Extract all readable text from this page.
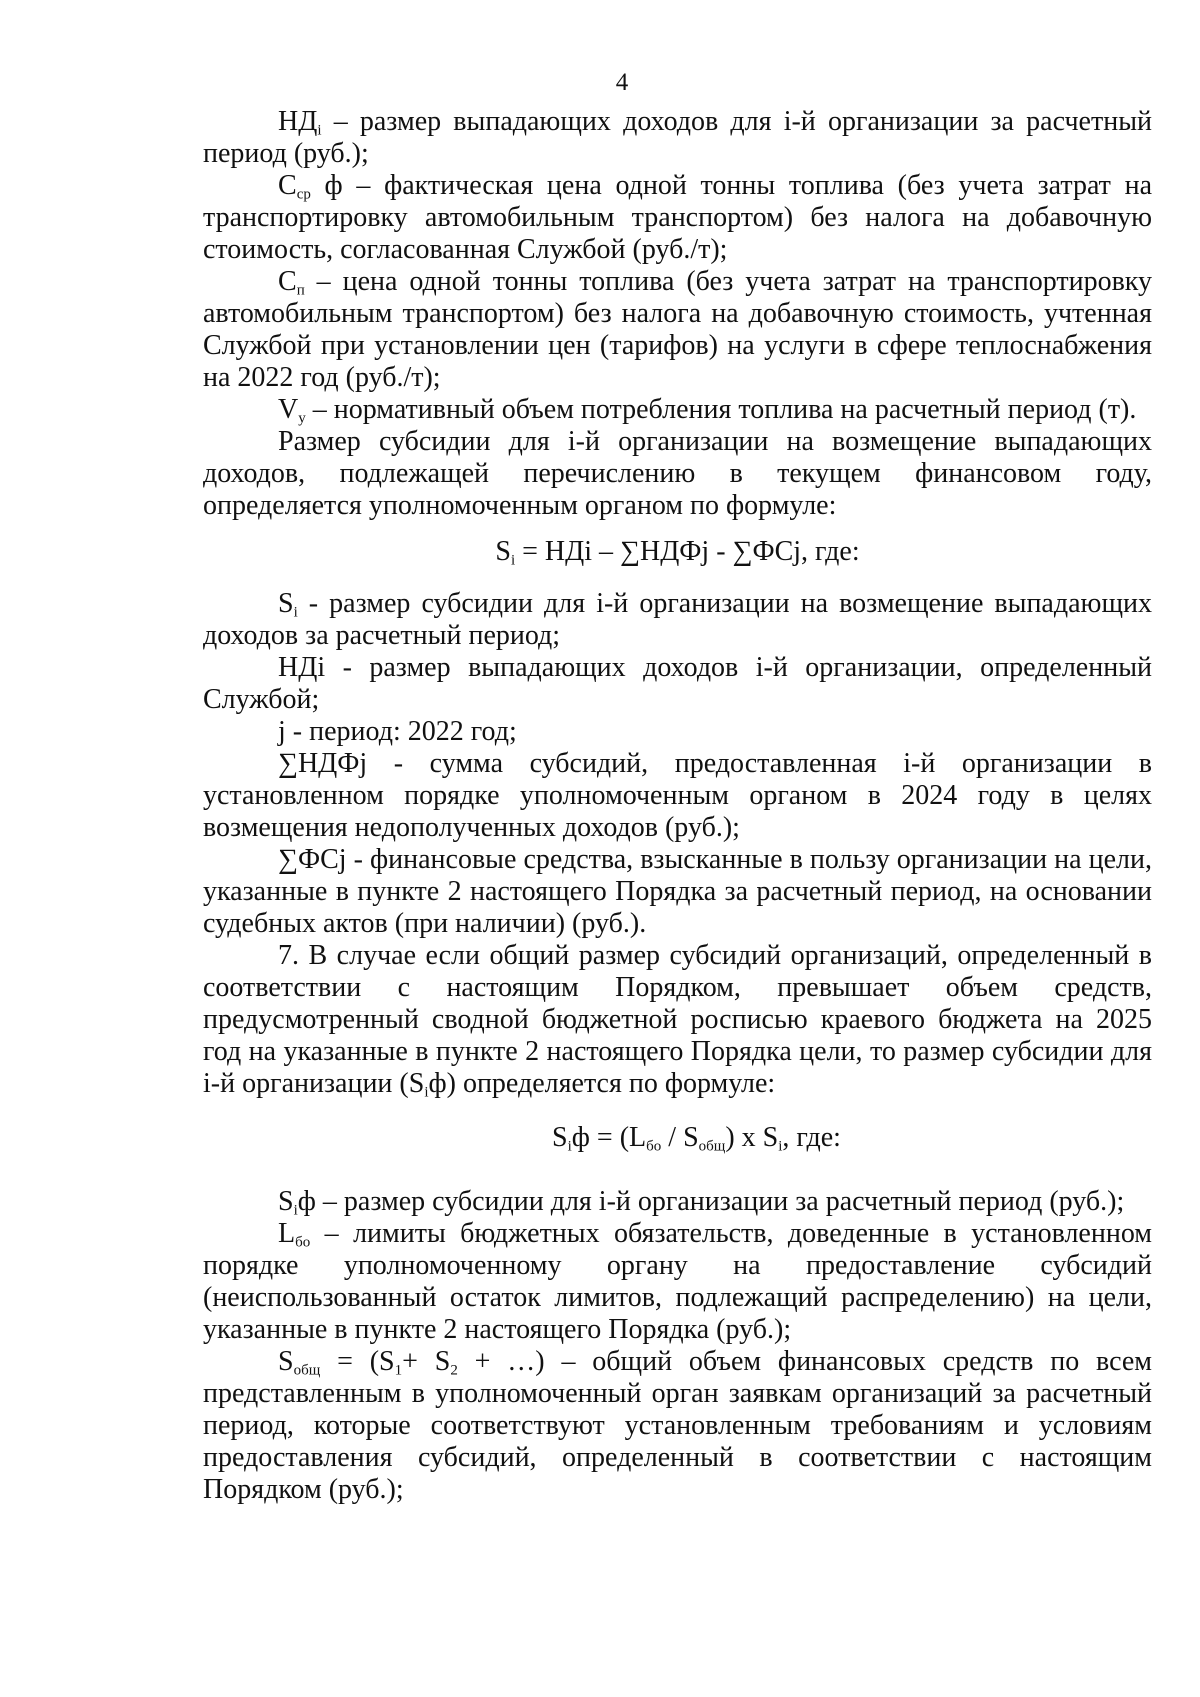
4

$НД_i$ – размер выпадающих доходов для i-й организации за расчетный период (руб.);

$С_{ср}$ ф – фактическая цена одной тонны топлива (без учета затрат на транспортировку автомобильным транспортом) без налога на добавочную стоимость, согласованная Службой (руб./т);

$С_п$ – цена одной тонны топлива (без учета затрат на транспортировку автомобильным транспортом) без налога на добавочную стоимость, учтенная Службой при установлении цен (тарифов) на услуги в сфере теплоснабжения на 2022 год (руб./т);

$V_у$ – нормативный объем потребления топлива на расчетный период (т).

Размер субсидии для i-й организации на возмещение выпадающих доходов, подлежащей перечислению в текущем финансовом году, определяется уполномоченным органом по формуле:

$S_i$ = НДi – ∑НДФj - ∑ФСj, где:

$S_i$ - размер субсидии для i-й организации на возмещение выпадающих доходов за расчетный период;

НДi - размер выпадающих доходов i-й организации, определенный Службой;

j - период: 2022 год;

∑НДФj - сумма субсидий, предоставленная i-й организации в установленном порядке уполномоченным органом в 2024 году в целях возмещения недополученных доходов (руб.);

∑ФСj - финансовые средства, взысканные в пользу организации на цели, указанные в пункте 2 настоящего Порядка за расчетный период, на основании судебных актов (при наличии) (руб.).

7. В случае если общий размер субсидий организаций, определенный в соответствии с настоящим Порядком, превышает объем средств, предусмотренный сводной бюджетной росписью краевого бюджета на 2025 год на указанные в пункте 2 настоящего Порядка цели, то размер субсидии для i-й организации $(S_iф)$ определяется по формуле:

$S_iф = (L_{бо} / S_{общ})$ x $S_i$, где:

$S_iф$ – размер субсидии для i-й организации за расчетный период (руб.);

$L_{бо}$ – лимиты бюджетных обязательств, доведенные в установленном порядке уполномоченному органу на предоставление субсидий (неиспользованный остаток лимитов, подлежащий распределению) на цели, указанные в пункте 2 настоящего Порядка (руб.);

$S_{общ} = (S_1+ S_2$ + …) – общий объем финансовых средств по всем представленным в уполномоченный орган заявкам организаций за расчетный период, которые соответствуют установленным требованиям и условиям предоставления субсидий, определенный в соответствии с настоящим Порядком (руб.);
